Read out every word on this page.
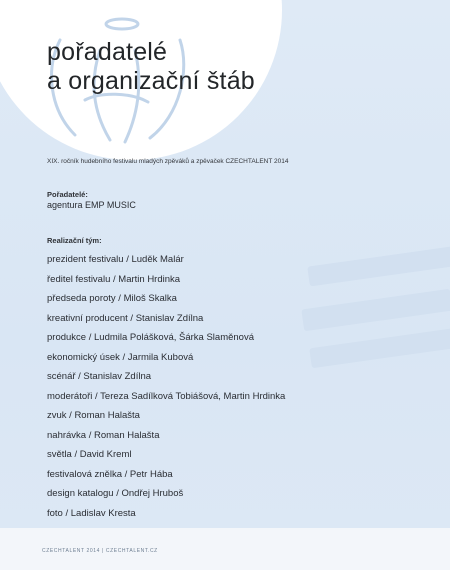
pořadatelé
a organizační štáb
XIX. ročník hudebního festivalu mladých zpěváků a zpěvaček CZECHTALENT 2014
Pořadatelé:
agentura EMP MUSIC
Realizační tým:
prezident festivalu / Luděk Malár
ředitel festivalu / Martin Hrdinka
předseda poroty / Miloš Skalka
kreativní producent / Stanislav Zdílna
produkce / Ludmila Polášková, Šárka Slaměnová
ekonomický úsek / Jarmila Kubová
scénář / Stanislav Zdílna
moderátoři / Tereza Sadílková Tobiášová, Martin Hrdinka
zvuk / Roman Halašta
nahrávka / Roman Halašta
světla / David Kreml
festivalová znělka / Petr Hába
design katalogu / Ondřej Hruboš
foto / Ladislav Kresta
CZECHTALENT 2014 | CZECHTALENT.CZ
